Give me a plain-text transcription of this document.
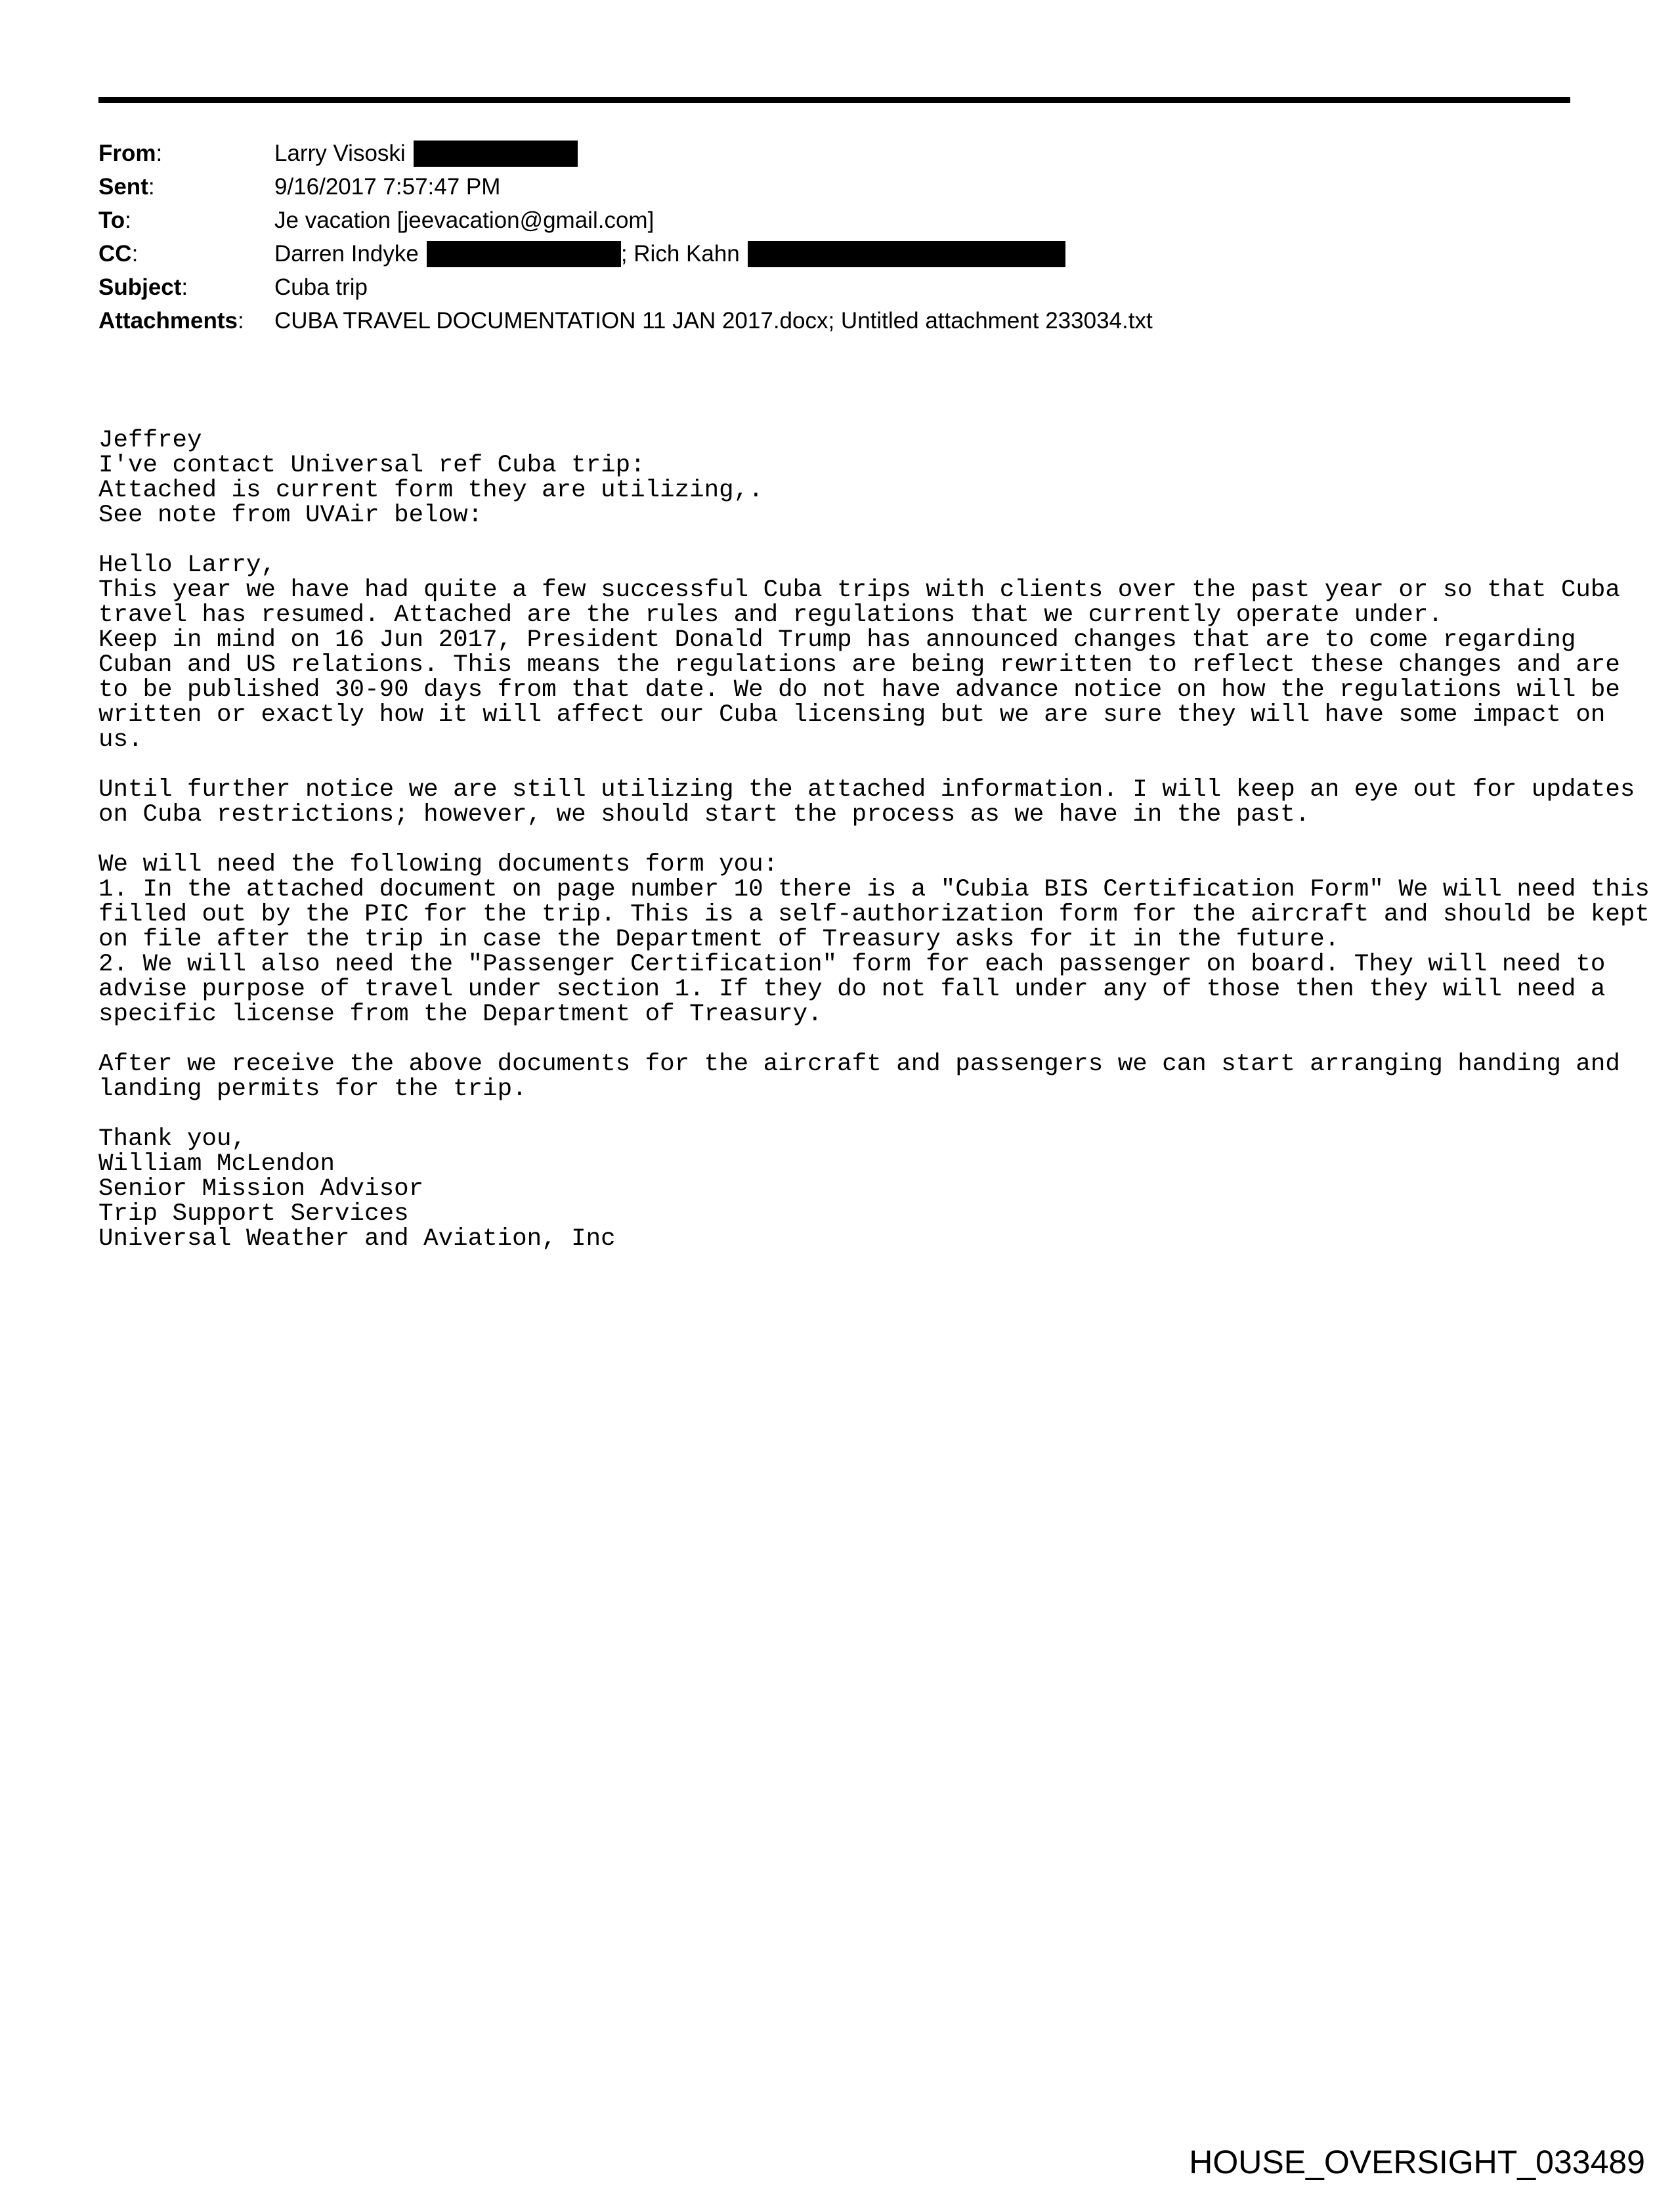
From:	Larry Visoski
Sent:	9/16/2017 7:57:47 PM
To:	Je vacation [jeevacation@gmail.com]
CC:	Darren Indyke	; Rich Kahn
Subject:	Cuba trip
Attachments:	CUBA TRAVEL DOCUMENTATION 11 JAN 2017.docx; Untitled attachment 233034.txt
Jeffrey
I've contact Universal ref Cuba trip:
Attached is current form they are utilizing,.
See note from UVAir below:
Hello Larry,
This year we have had quite a few successful Cuba trips with clients over the past year or so that Cuba
travel has resumed. Attached are the rules and regulations that we currently operate under.
Keep in mind on 16 Jun 2017, President Donald Trump has announced changes that are to come regarding
Cuban and US relations. This means the regulations are being rewritten to reflect these changes and are
to be published 30-90 days from that date. We do not have advance notice on how the regulations will be
written or exactly how it will affect our Cuba licensing but we are sure they will have some impact on
us.
Until further notice we are still utilizing the attached information. I will keep an eye out for updates
on Cuba restrictions; however, we should start the process as we have in the past.
We will need the following documents form you:
1. In the attached document on page number 10 there is a "Cubia BIS Certification Form" We will need this
filled out by the PIC for the trip. This is a self-authorization form for the aircraft and should be kept
on file after the trip in case the Department of Treasury asks for it in the future.
2. We will also need the "Passenger Certification" form for each passenger on board. They will need to
advise purpose of travel under section 1. If they do not fall under any of those then they will need a
specific license from the Department of Treasury.
After we receive the above documents for the aircraft and passengers we can start arranging handing and
landing permits for the trip.
Thank you,
William McLendon
Senior Mission Advisor
Trip Support Services
Universal Weather and Aviation, Inc
HOUSE_OVERSIGHT_033489
